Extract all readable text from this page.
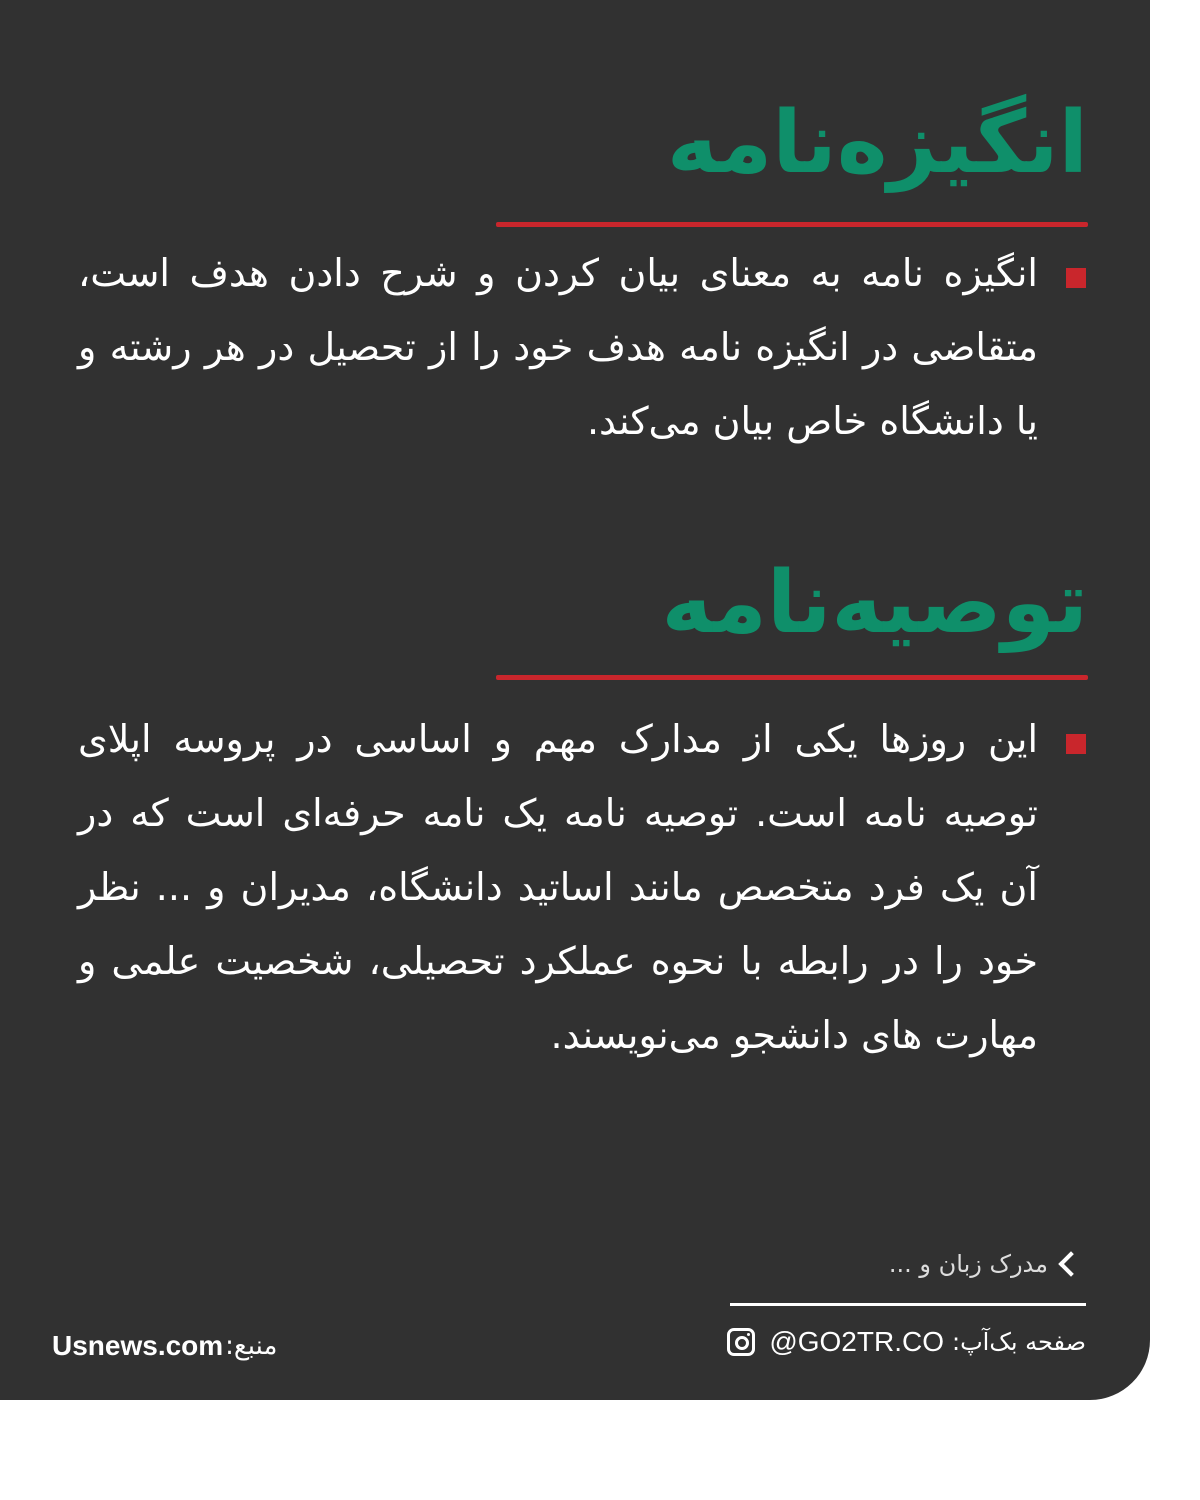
انگیزه‌نامه

انگیزه نامه به معنای بیان کردن و شرح دادن هدف است، متقاضی در انگیزه نامه هدف خود را از تحصیل در هر رشته و یا دانشگاه خاص بیان می‌کند.

توصیه‌نامه

این روزها یکی از مدارک مهم و اساسی در پروسه اپلای توصیه نامه است. توصیه نامه یک نامه حرفه‌ای است که در آن یک فرد متخصص مانند اساتید دانشگاه، مدیران و ... نظر خود را در رابطه با نحوه عملکرد تحصیلی، شخصیت علمی و مهارت های دانشجو می‌نویسند.

مدرک زبان و ...
صفحه بک‌آپ:
@GO2TR.CO
منبع:
Usnews.com
